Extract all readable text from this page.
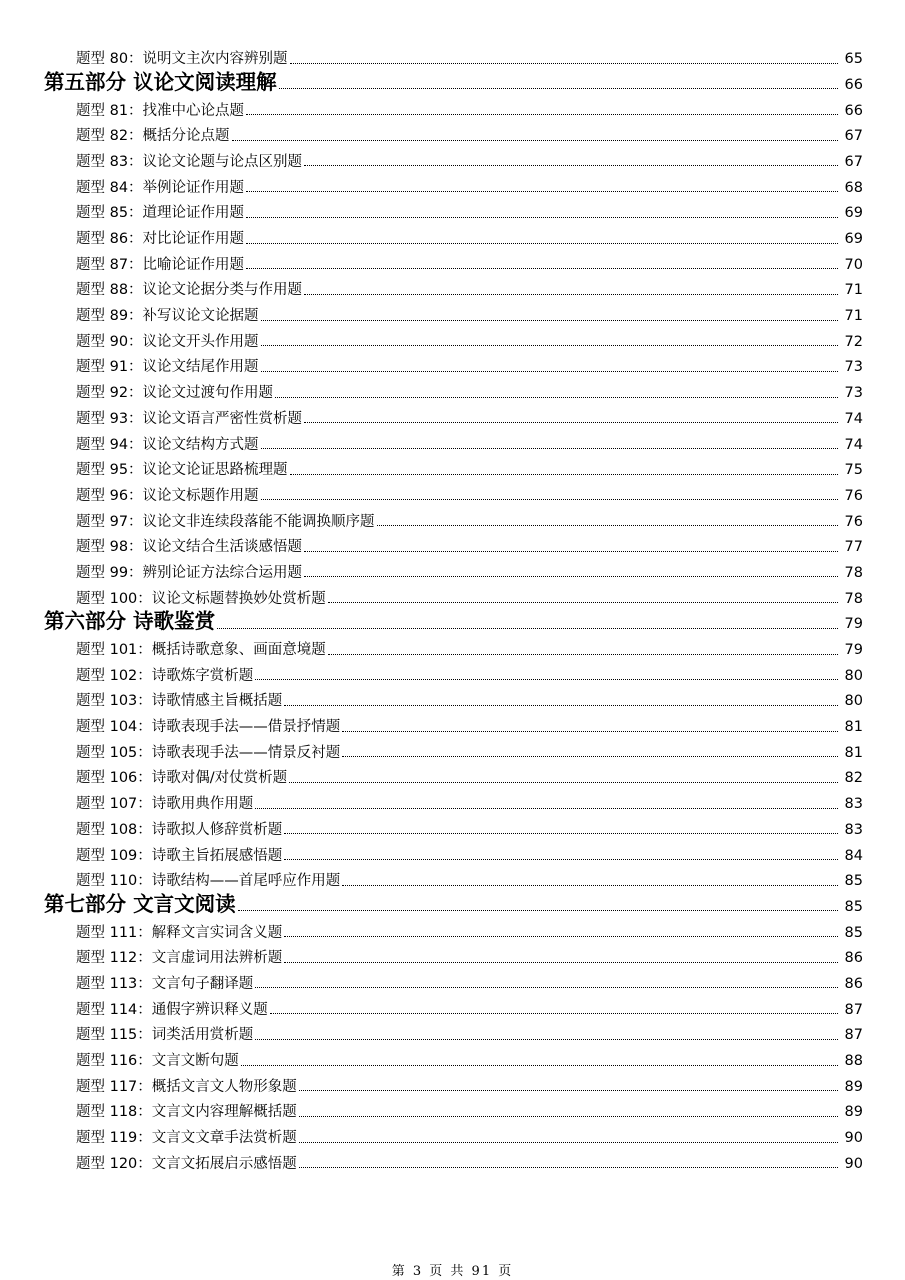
题型 80：说明文主次内容辨别题	65
第五部分 议论文阅读理解	66
题型 81：找准中心论点题	66
题型 82：概括分论点题	67
题型 83：议论文论题与论点区别题	67
题型 84：举例论证作用题	68
题型 85：道理论证作用题	69
题型 86：对比论证作用题	69
题型 87：比喻论证作用题	70
题型 88：议论文论据分类与作用题	71
题型 89：补写议论文论据题	71
题型 90：议论文开头作用题	72
题型 91：议论文结尾作用题	73
题型 92：议论文过渡句作用题	73
题型 93：议论文语言严密性赏析题	74
题型 94：议论文结构方式题	74
题型 95：议论文论证思路梳理题	75
题型 96：议论文标题作用题	76
题型 97：议论文非连续段落能不能调换顺序题	76
题型 98：议论文结合生活谈感悟题	77
题型 99：辨别论证方法综合运用题	78
题型 100：议论文标题替换妙处赏析题	78
第六部分 诗歌鉴赏	79
题型 101：概括诗歌意象、画面意境题	79
题型 102：诗歌炼字赏析题	80
题型 103：诗歌情感主旨概括题	80
题型 104：诗歌表现手法——借景抒情题	81
题型 105：诗歌表现手法——情景反衬题	81
题型 106：诗歌对偶/对仗赏析题	82
题型 107：诗歌用典作用题	83
题型 108：诗歌拟人修辞赏析题	83
题型 109：诗歌主旨拓展感悟题	84
题型 110：诗歌结构——首尾呼应作用题	85
第七部分 文言文阅读	85
题型 111：解释文言实词含义题	85
题型 112：文言虚词用法辨析题	86
题型 113：文言句子翻译题	86
题型 114：通假字辨识释义题	87
题型 115：词类活用赏析题	87
题型 116：文言文断句题	88
题型 117：概括文言文人物形象题	89
题型 118：文言文内容理解概括题	89
题型 119：文言文文章手法赏析题	90
题型 120：文言文拓展启示感悟题	90
第 3 页 共 91 页
